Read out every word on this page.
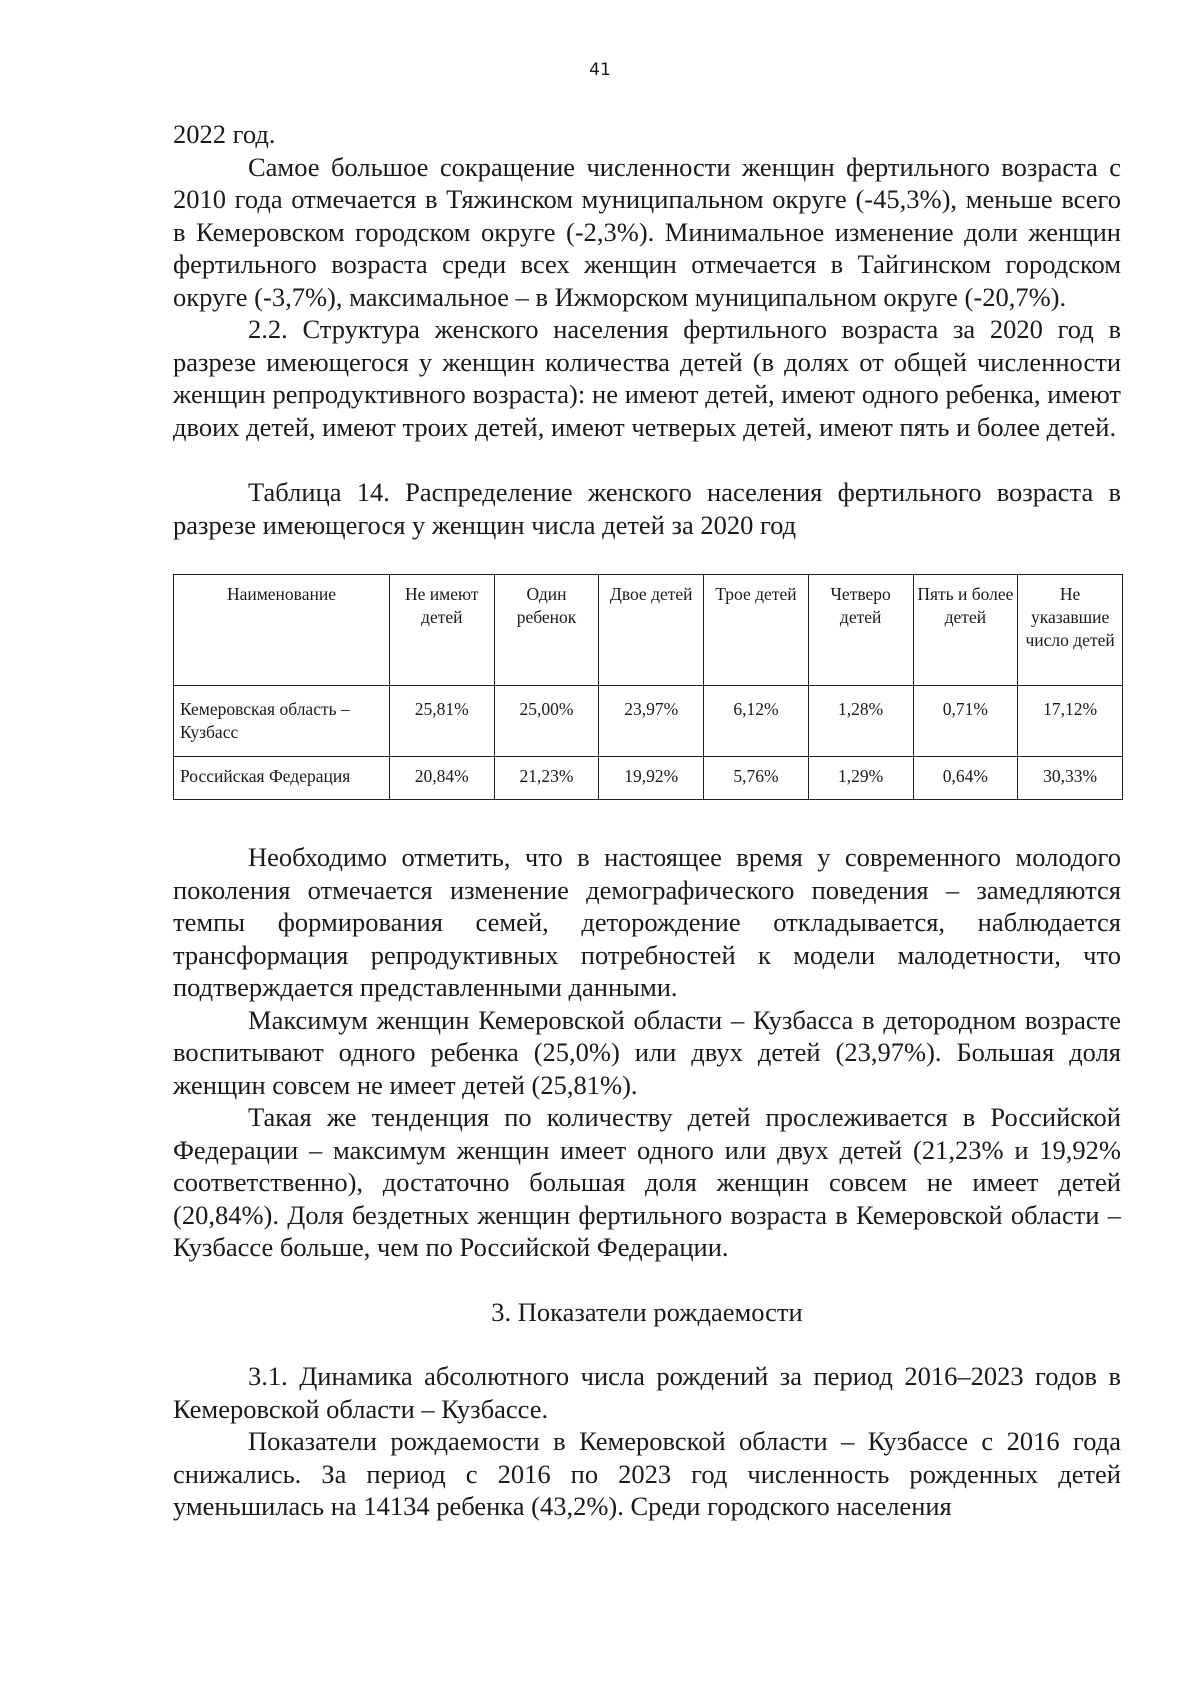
41

2022 год.

Самое большое сокращение численности женщин фертильного возраста с 2010 года отмечается в Тяжинском муниципальном округе (-45,3%), меньше всего в Кемеровском городском округе (-2,3%). Минимальное изменение доли женщин фертильного возраста среди всех женщин отмечается в Тайгинском городском округе (-3,7%), максимальное – в Ижморском муниципальном округе (-20,7%).

2.2. Структура женского населения фертильного возраста за 2020 год в разрезе имеющегося у женщин количества детей (в долях от общей численности женщин репродуктивного возраста): не имеют детей, имеют одного ребенка, имеют двоих детей, имеют троих детей, имеют четверых детей, имеют пять и более детей.

Таблица 14. Распределение женского населения фертильного возраста в разрезе имеющегося у женщин числа детей за 2020 год

Наименование	Не имеют детей	Один ребенок	Двое детей	Трое детей	Четверо детей	Пять и более детей	Не указавшие число детей
Кемеровская область – Кузбасс	25,81%	25,00%	23,97%	6,12%	1,28%	0,71%	17,12%
Российская Федерация	20,84%	21,23%	19,92%	5,76%	1,29%	0,64%	30,33%

Необходимо отметить, что в настоящее время у современного молодого поколения отмечается изменение демографического поведения – замедляются темпы формирования семей, деторождение откладывается, наблюдается трансформация репродуктивных потребностей к модели малодетности, что подтверждается представленными данными.

Максимум женщин Кемеровской области – Кузбасса в детородном возрасте воспитывают одного ребенка (25,0%) или двух детей (23,97%). Большая доля женщин совсем не имеет детей (25,81%).

Такая же тенденция по количеству детей прослеживается в Российской Федерации – максимум женщин имеет одного или двух детей (21,23% и 19,92% соответственно), достаточно большая доля женщин совсем не имеет детей (20,84%). Доля бездетных женщин фертильного возраста в Кемеровской области – Кузбассе больше, чем по Российской Федерации.

3. Показатели рождаемости

3.1. Динамика абсолютного числа рождений за период 2016–2023 годов в Кемеровской области – Кузбассе.

Показатели рождаемости в Кемеровской области – Кузбассе с 2016 года снижались. За период с 2016 по 2023 год численность рожденных детей уменьшилась на 14134 ребенка (43,2%). Среди городского населения
